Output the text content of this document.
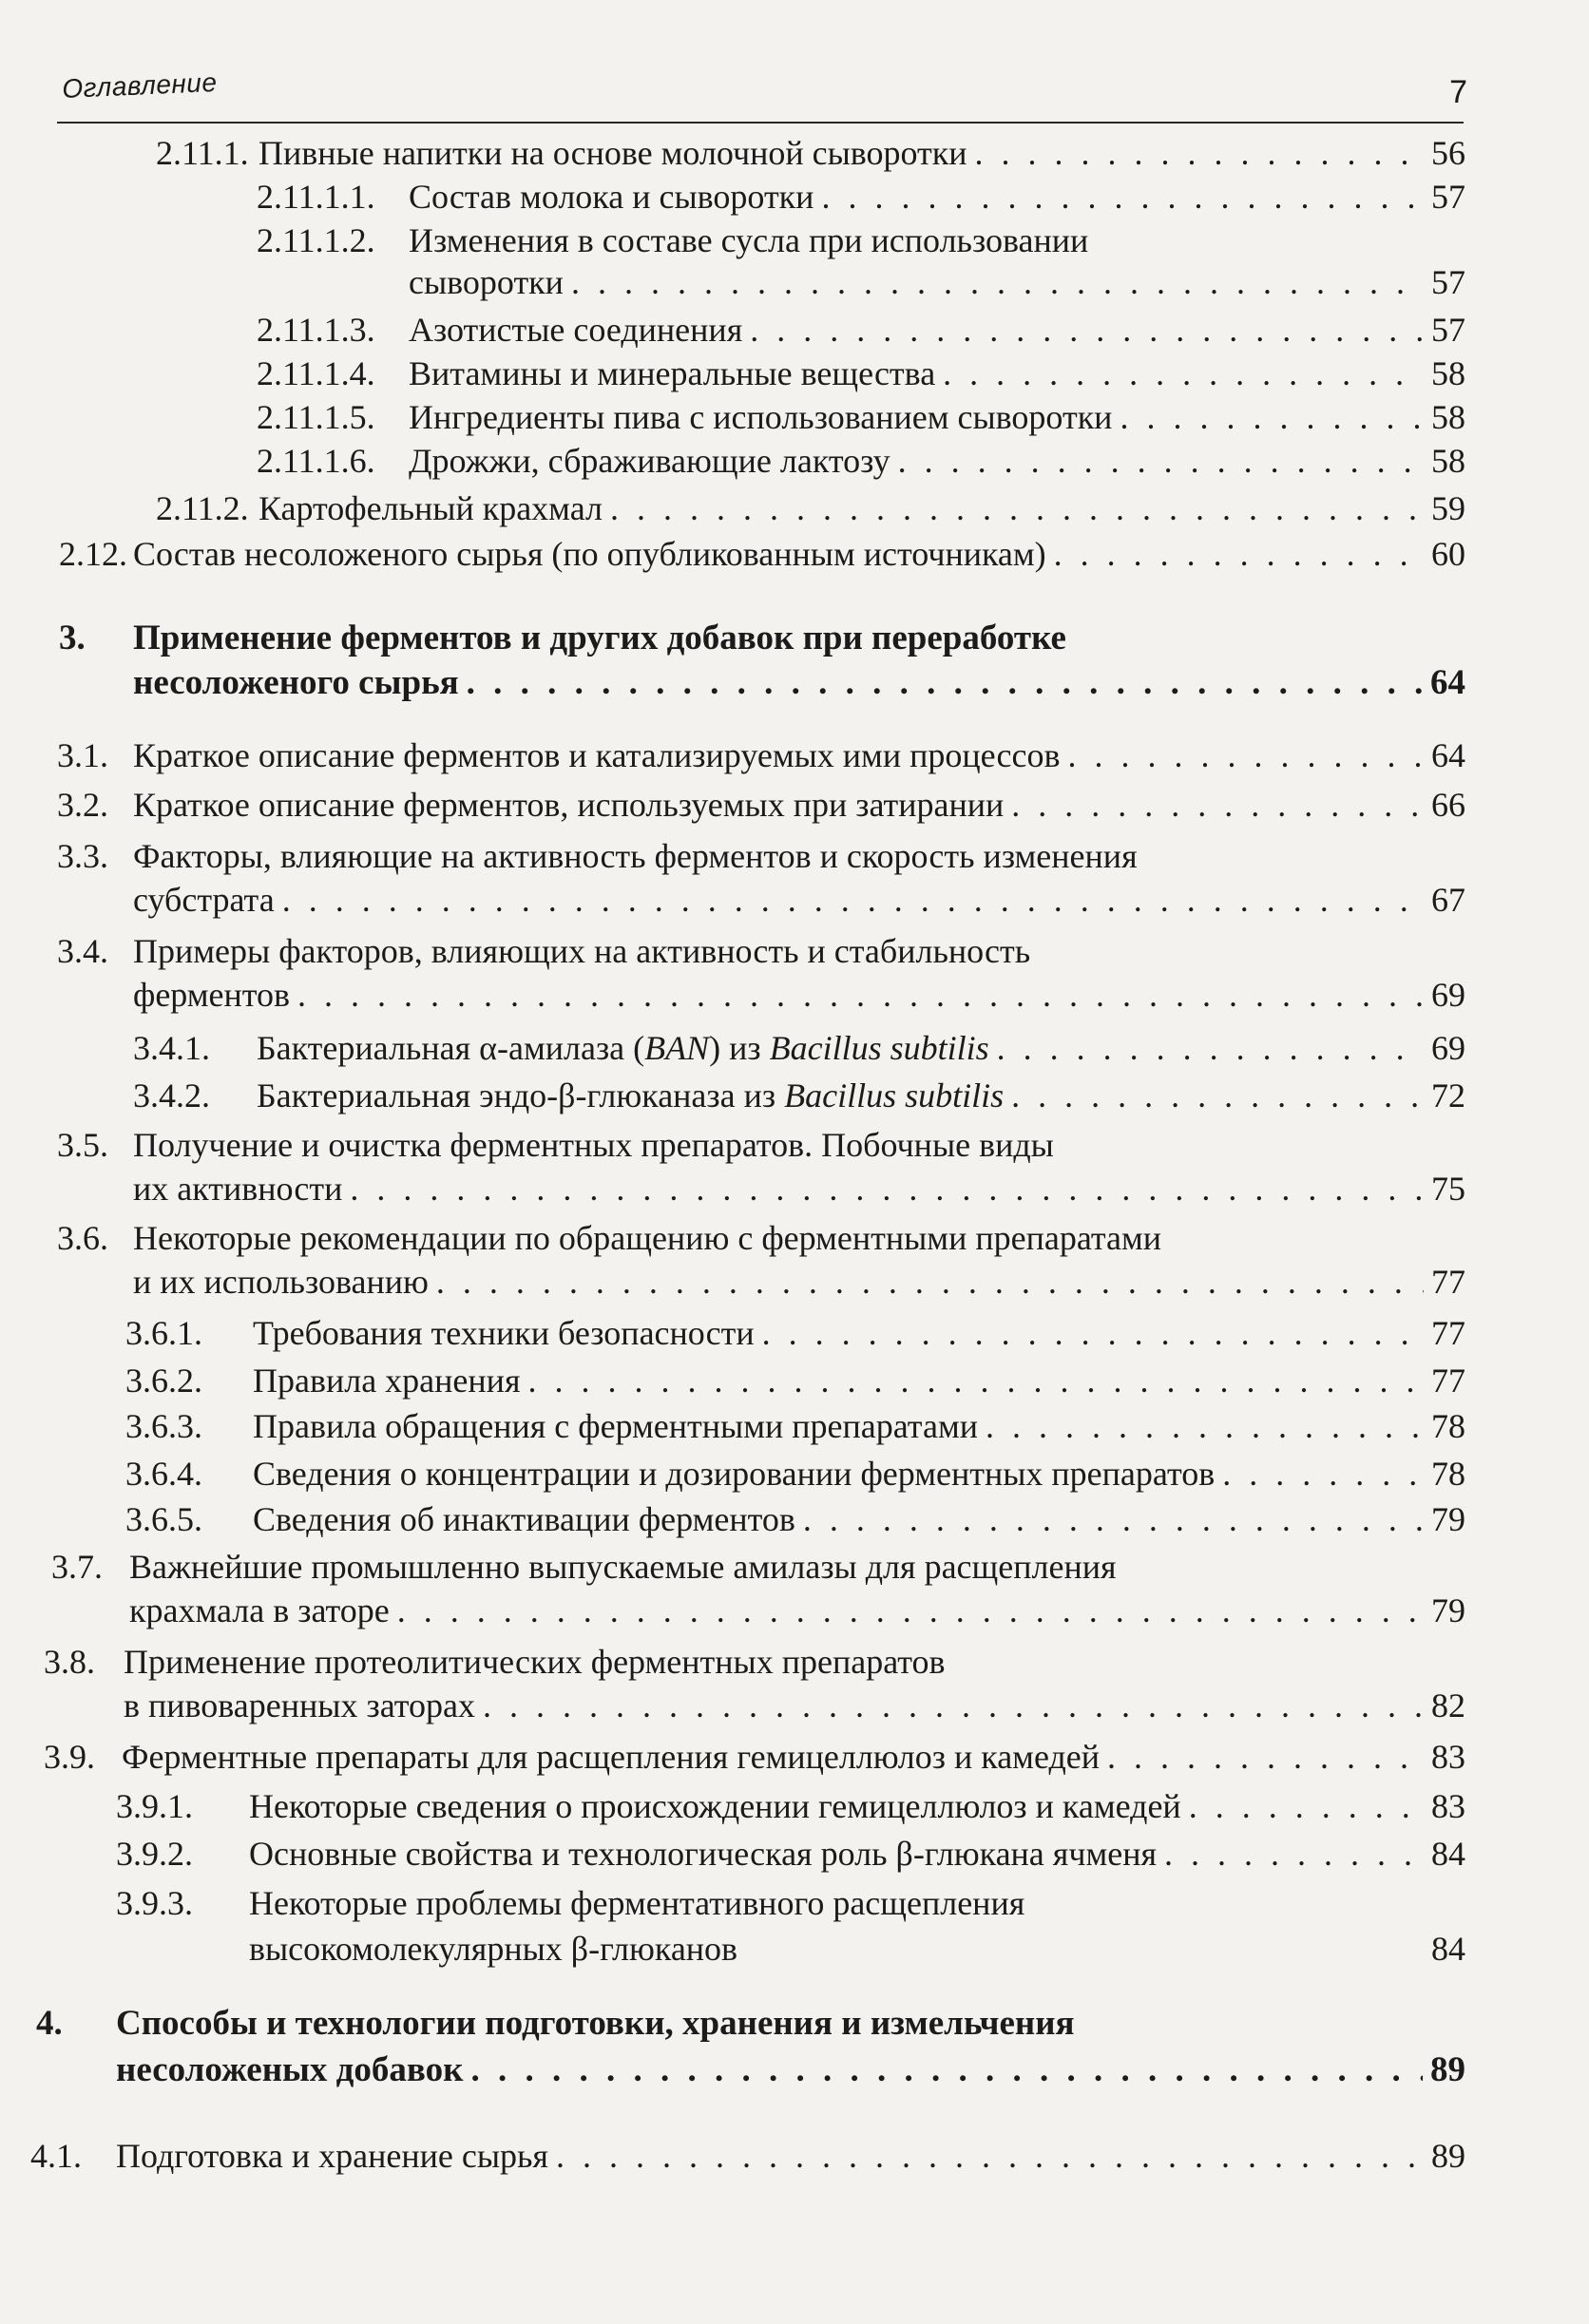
Оглавление	7
2.11.1. Пивные напитки на основе молочной сыворотки . . .	56
2.11.1.1. Состав молока и сыворотки . . .	57
2.11.1.2. Изменения в составе сусла при использовании
сыворотки . . .	57
2.11.1.3. Азотистые соединения . . .	57
2.11.1.4. Витамины и минеральные вещества . . .	58
2.11.1.5. Ингредиенты пива с использованием сыворотки . . .	58
2.11.1.6. Дрожжи, сбраживающие лактозу . . .	58
2.11.2. Картофельный крахмал . . .	59
2.12. Состав несоложеного сырья (по опубликованным источникам) . . .	60
3. Применение ферментов и других добавок при переработке
несоложеного сырья . . .	64
3.1. Краткое описание ферментов и катализируемых ими процессов . . .	64
3.2. Краткое описание ферментов, используемых при затирании . . .	66
3.3. Факторы, влияющие на активность ферментов и скорость изменения
субстрата . . .	67
3.4. Примеры факторов, влияющих на активность и стабильность
ферментов . . .	69
3.4.1. Бактериальная α-амилаза (BAN) из Bacillus subtilis . . .	69
3.4.2. Бактериальная эндо-β-глюканаза из Bacillus subtilis . . .	72
3.5. Получение и очистка ферментных препаратов. Побочные виды
их активности . . .	75
3.6. Некоторые рекомендации по обращению с ферментными препаратами
и их использованию . . .	77
3.6.1. Требования техники безопасности . . .	77
3.6.2. Правила хранения . . .	77
3.6.3. Правила обращения с ферментными препаратами . . .	78
3.6.4. Сведения о концентрации и дозировании ферментных препаратов . . .	78
3.6.5. Сведения об инактивации ферментов . . .	79
3.7. Важнейшие промышленно выпускаемые амилазы для расщепления
крахмала в заторе . . .	79
3.8. Применение протеолитических ферментных препаратов
в пивоваренных заторах . . .	82
3.9. Ферментные препараты для расщепления гемицеллюлоз и камедей . . .	83
3.9.1. Некоторые сведения о происхождении гемицеллюлоз и камедей . . .	83
3.9.2. Основные свойства и технологическая роль β-глюкана ячменя . . .	84
3.9.3. Некоторые проблемы ферментативного расщепления
высокомолекулярных β-глюканов	84
4. Способы и технологии подготовки, хранения и измельчения
несоложеных добавок . . .	89
4.1. Подготовка и хранение сырья . . .	89
